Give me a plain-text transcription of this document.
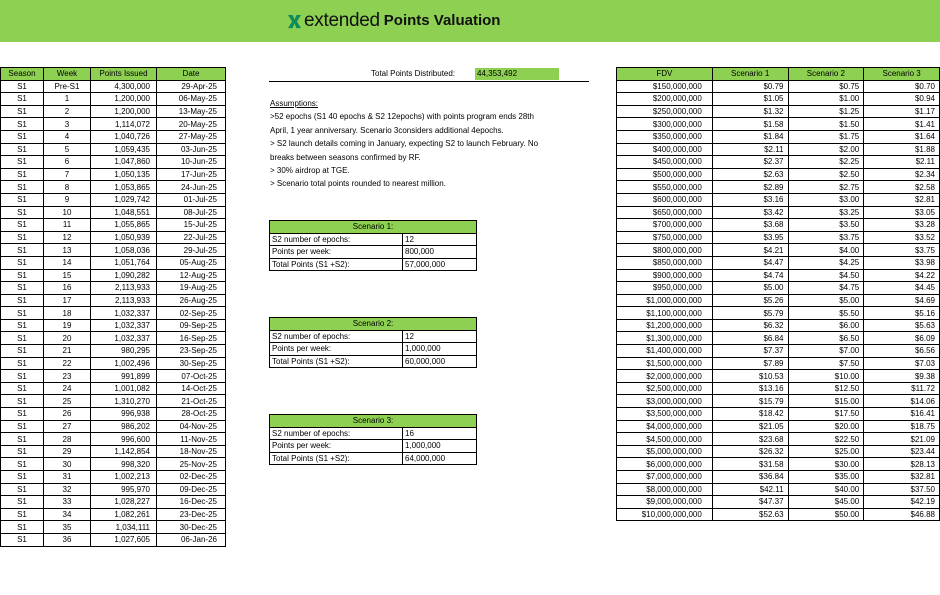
extended Points Valuation
Season	Week	Points Issued	Date
S1	Pre-S1	4,300,000	29-Apr-25
S1	1	1,200,000	06-May-25
S1	2	1,200,000	13-May-25
S1	3	1,114,072	20-May-25
S1	4	1,040,726	27-May-25
S1	5	1,059,435	03-Jun-25
S1	6	1,047,860	10-Jun-25
S1	7	1,050,135	17-Jun-25
S1	8	1,053,865	24-Jun-25
S1	9	1,029,742	01-Jul-25
S1	10	1,048,551	08-Jul-25
S1	11	1,055,865	15-Jul-25
S1	12	1,050,939	22-Jul-25
S1	13	1,058,036	29-Jul-25
S1	14	1,051,764	05-Aug-25
S1	15	1,090,282	12-Aug-25
S1	16	2,113,933	19-Aug-25
S1	17	2,113,933	26-Aug-25
S1	18	1,032,337	02-Sep-25
S1	19	1,032,337	09-Sep-25
S1	20	1,032,337	16-Sep-25
S1	21	980,295	23-Sep-25
S1	22	1,002,496	30-Sep-25
S1	23	991,899	07-Oct-25
S1	24	1,001,082	14-Oct-25
S1	25	1,310,270	21-Oct-25
S1	26	996,938	28-Oct-25
S1	27	986,202	04-Nov-25
S1	28	996,600	11-Nov-25
S1	29	1,142,854	18-Nov-25
S1	30	998,320	25-Nov-25
S1	31	1,002,213	02-Dec-25
S1	32	995,970	09-Dec-25
S1	33	1,028,227	16-Dec-25
S1	34	1,082,261	23-Dec-25
S1	35	1,034,111	30-Dec-25
S1	36	1,027,605	06-Jan-26
Total Points Distributed:	44,353,492
Assumptions:
>52 epochs (S1 40 epochs & S2 12epochs) with points program ends 28th
April, 1 year anniversary. Scenario 3considers additional 4epochs.
> S2 launch details coming in January, expecting S2 to launch February. No
breaks between seasons confirmed by RF.
> 30% airdrop at TGE.
> Scenario total points rounded to nearest million.
Scenario 1:	
S2 number of epochs:	12
Points per week:	800,000
Total Points (S1 +S2):	57,000,000
Scenario 2:	
S2 number of epochs:	12
Points per week:	1,000,000
Total Points (S1 +S2):	60,000,000
Scenario 3:	
S2 number of epochs:	16
Points per week:	1,000,000
Total Points (S1 +S2):	64,000,000
FDV	Scenario 1	Scenario 2	Scenario 3
$150,000,000	$0.79	$0.75	$0.70
$200,000,000	$1.05	$1.00	$0.94
$250,000,000	$1.32	$1.25	$1.17
$300,000,000	$1.58	$1.50	$1.41
$350,000,000	$1.84	$1.75	$1.64
$400,000,000	$2.11	$2.00	$1.88
$450,000,000	$2.37	$2.25	$2.11
$500,000,000	$2.63	$2.50	$2.34
$550,000,000	$2.89	$2.75	$2.58
$600,000,000	$3.16	$3.00	$2.81
$650,000,000	$3.42	$3.25	$3.05
$700,000,000	$3.68	$3.50	$3.28
$750,000,000	$3.95	$3.75	$3.52
$800,000,000	$4.21	$4.00	$3.75
$850,000,000	$4.47	$4.25	$3.98
$900,000,000	$4.74	$4.50	$4.22
$950,000,000	$5.00	$4.75	$4.45
$1,000,000,000	$5.26	$5.00	$4.69
$1,100,000,000	$5.79	$5.50	$5.16
$1,200,000,000	$6.32	$6.00	$5.63
$1,300,000,000	$6.84	$6.50	$6.09
$1,400,000,000	$7.37	$7.00	$6.56
$1,500,000,000	$7.89	$7.50	$7.03
$2,000,000,000	$10.53	$10.00	$9.38
$2,500,000,000	$13.16	$12.50	$11.72
$3,000,000,000	$15.79	$15.00	$14.06
$3,500,000,000	$18.42	$17.50	$16.41
$4,000,000,000	$21.05	$20.00	$18.75
$4,500,000,000	$23.68	$22.50	$21.09
$5,000,000,000	$26.32	$25.00	$23.44
$6,000,000,000	$31.58	$30.00	$28.13
$7,000,000,000	$36.84	$35.00	$32.81
$8,000,000,000	$42.11	$40.00	$37.50
$9,000,000,000	$47.37	$45.00	$42.19
$10,000,000,000	$52.63	$50.00	$46.88
